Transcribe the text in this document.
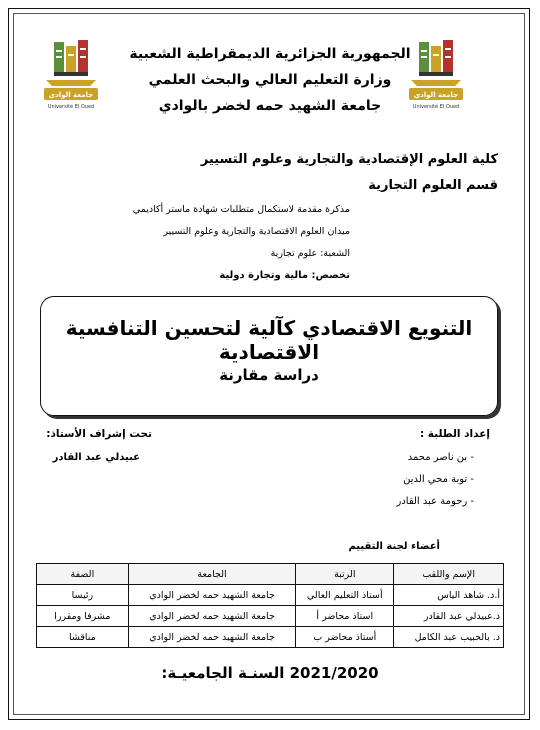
جامعة الوادي
Université El Oued
جامعة الوادي
Université El Oued
الجمهورية الجزائرية الديمقراطية الشعبية
وزارة التعليم العالي والبحث العلمي
جامعة الشهيد حمه لخضر بالوادي
كلية العلوم الإقتصادية والتجارية وعلوم التسيير
قسم العلوم التجارية
مذكرة مقدمة لاستكمال متطلبات شهادة ماستر أكاديمي
ميدان العلوم الاقتصادية والتجارية وعلوم التسيير
الشعبة: علوم تجارية
تخصص: مالية وتجارة دولية
التنويع الاقتصادي كآلية لتحسين التنافسية الاقتصادية
دراسة مقارنة
إعداد الطلبة :
- بن ناصر محمد
- توبة محي الدين
- رحومة عبد القادر
تحت إشراف الأستاذ:
عبيدلي عبد القادر
أعضاء لجنة التقييم
الإسم واللقب	الرتبة	الجامعة	الصفة
أ.د. شاهد الياس	أستاذ التعليم العالي	جامعة الشهيد حمه لخضر الوادي	رئيسا
د.عبيدلي عبد القادر	استاذ محاضر أ	جامعة الشهيد حمه لخضر الوادي	مشرفا ومقررا
د. بالحبيب عبد الكامل	أستاذ محاضر ب	جامعة الشهيد حمه لخضر الوادي	مناقشا
السنـة الجامعيـة: 2021/2020
